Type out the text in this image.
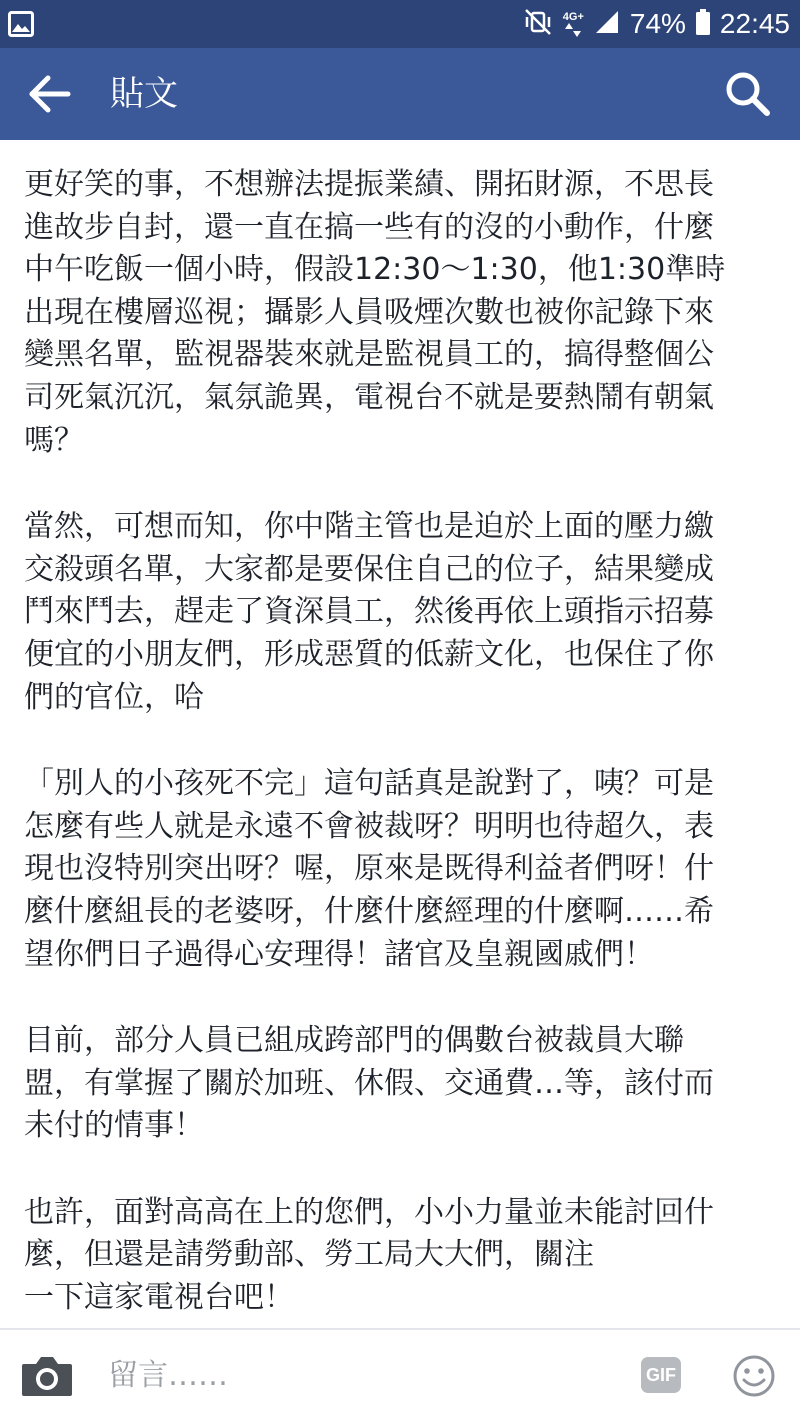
4G+ 74% 22:45
貼文

更好笑的事，不想辦法提振業績、開拓財源，不思長
進故步自封，還一直在搞一些有的沒的小動作，什麼
中午吃飯一個小時，假設12:30～1:30，他1:30準時
出現在樓層巡視；攝影人員吸煙次數也被你記錄下來
變黑名單，監視器裝來就是監視員工的，搞得整個公
司死氣沉沉，氣氛詭異，電視台不就是要熱鬧有朝氣
嗎？

當然，可想而知，你中階主管也是迫於上面的壓力繳
交殺頭名單，大家都是要保住自己的位子，結果變成
鬥來鬥去，趕走了資深員工，然後再依上頭指示招募
便宜的小朋友們，形成惡質的低薪文化，也保住了你
們的官位，哈

「別人的小孩死不完」這句話真是說對了，咦？可是
怎麼有些人就是永遠不會被裁呀？明明也待超久，表
現也沒特別突出呀？喔，原來是既得利益者們呀！什
麼什麼組長的老婆呀，什麼什麼經理的什麼啊……希
望你們日子過得心安理得！諸官及皇親國戚們！

目前，部分人員已組成跨部門的偶數台被裁員大聯
盟，有掌握了關於加班、休假、交通費…等，該付而
未付的情事！

也許，面對高高在上的您們，小小力量並未能討回什
麼，但還是請勞動部、勞工局大大們，關注
一下這家電視台吧！

留言……
GIF
